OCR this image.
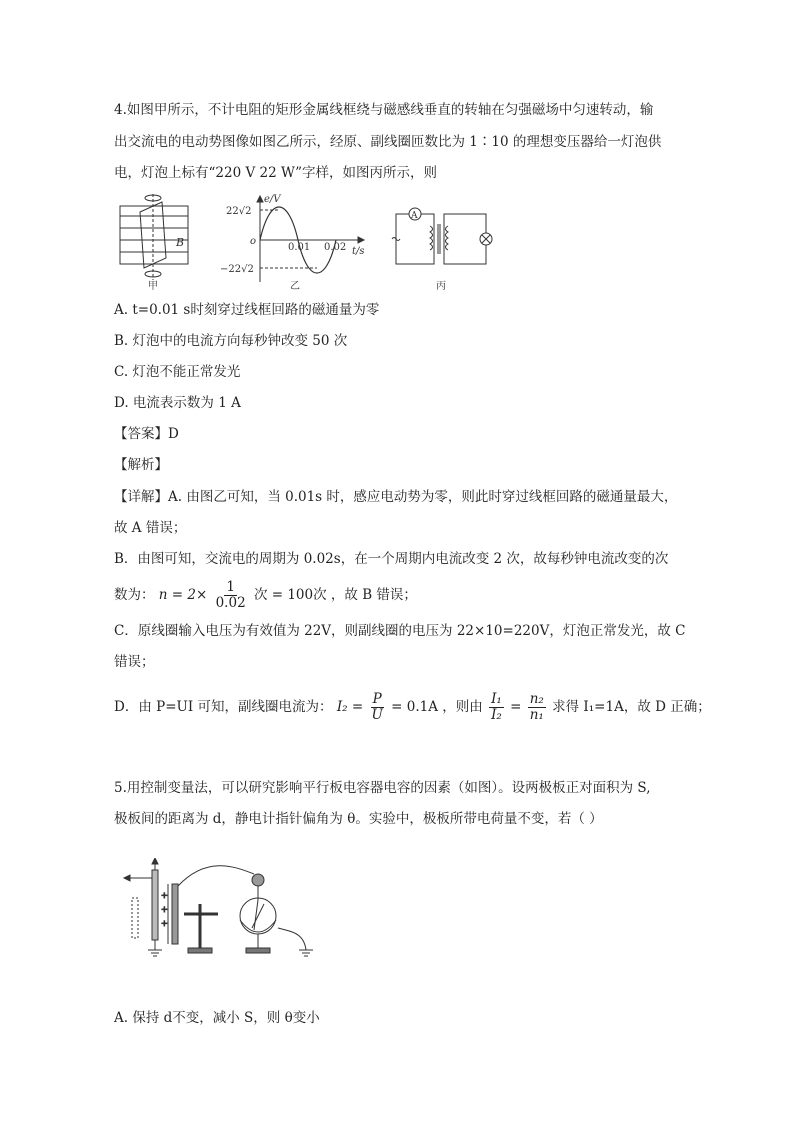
4.如图甲所示，不计电阻的矩形金属线框绕与磁感线垂直的转轴在匀强磁场中匀速转动，输
出交流电的电动势图像如图乙所示，经原、副线圈匝数比为 1∶10 的理想变压器给一灯泡供
电，灯泡上标有“220 V 22 W”字样，如图丙所示，则
B
甲
e/V
22√2
o
−22√2
0.01 0.02 t/s
乙
A
丙
A. t=0.01 s时刻穿过线框回路的磁通量为零
B. 灯泡中的电流方向每秒钟改变 50 次
C. 灯泡不能正常发光
D. 电流表示数为 1 A
【答案】D
【解析】
【详解】A. 由图乙可知，当 0.01s 时，感应电动势为零，则此时穿过线框回路的磁通量最大，
故 A 错误；
B．由图可知，交流电的周期为 0.02s，在一个周期内电流改变 2 次，故每秒钟电流改变的次
数为： $n = 2\times \frac{1}{0.02}$ 次 = 100次 ，故 B 错误；
C．原线圈输入电压为有效值为 22V，则副线圈的电压为 22×10=220V，灯泡正常发光，故 C
错误；
D．由 P=UI 可知，副线圈电流为： $I_2 = \frac{P}{U} = 0.1A$ ，则由 $\frac{\text{I₁}}{\text{I₂}} = \frac{\text{n₂}}{\text{n₁}}$ 求得 I₁=1A，故 D 正确；
5.用控制变量法，可以研究影响平行板电容器电容的因素（如图）。设两极板正对面积为 S,
极板间的距离为 d，静电计指针偏角为 θ。实验中，极板所带电荷量不变，若（ ）
+
+
+
A. 保持 d不变，减小 S，则 θ变小
